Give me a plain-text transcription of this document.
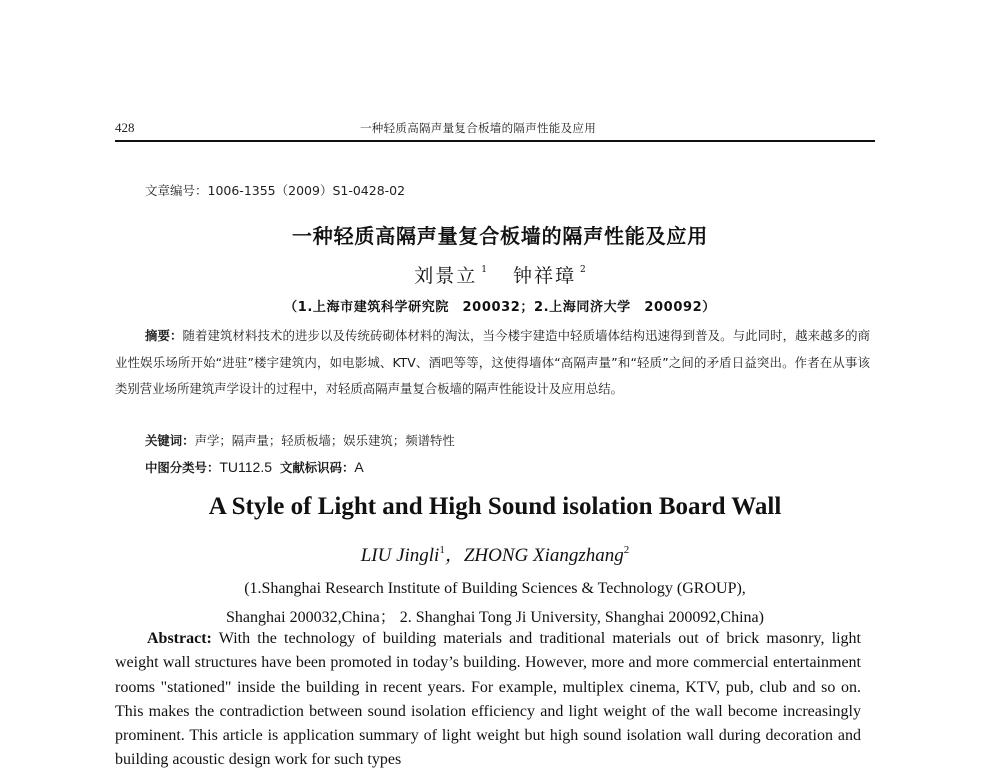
428	一种轻质高隔声量复合板墙的隔声性能及应用
文章编号：1006-1355（2009）S1-0428-02
一种轻质高隔声量复合板墙的隔声性能及应用
刘景立 $^1$ 钟祥璋 $^2$
（1.上海市建筑科学研究院　200032；2.上海同济大学　200092）
摘要：随着建筑材料技术的进步以及传统砖砌体材料的淘汰，当今楼宇建造中轻质墙体结构迅速得到普及。与此同时，越来越多的商业性娱乐场所开始“进驻”楼宇建筑内，如电影城、KTV、酒吧等等，这使得墙体“高隔声量”和“轻质”之间的矛盾日益突出。作者在从事该类别营业场所建筑声学设计的过程中，对轻质高隔声量复合板墙的隔声性能设计及应用总结。
关键词：声学；隔声量；轻质板墙；娱乐建筑；频谱特性
中图分类号：TU112.5 文献标识码：A
A Style of Light and High Sound isolation Board Wall
LIU Jingli$^1$，ZHONG Xiangzhang$^2$
(1.Shanghai Research Institute of Building Sciences & Technology (GROUP),
Shanghai 200032,China； 2. Shanghai Tong Ji University, Shanghai 200092,China)
Abstract: With the technology of building materials and traditional materials out of brick masonry, light weight wall structures have been promoted in today’s building. However, more and more commercial entertainment rooms "stationed" inside the building in recent years. For example, multiplex cinema, KTV, pub, club and so on. This makes the contradiction between sound isolation efficiency and light weight of the wall become increasingly prominent. This article is application summary of light weight but high sound isolation wall during decoration and building acoustic design work for such types
